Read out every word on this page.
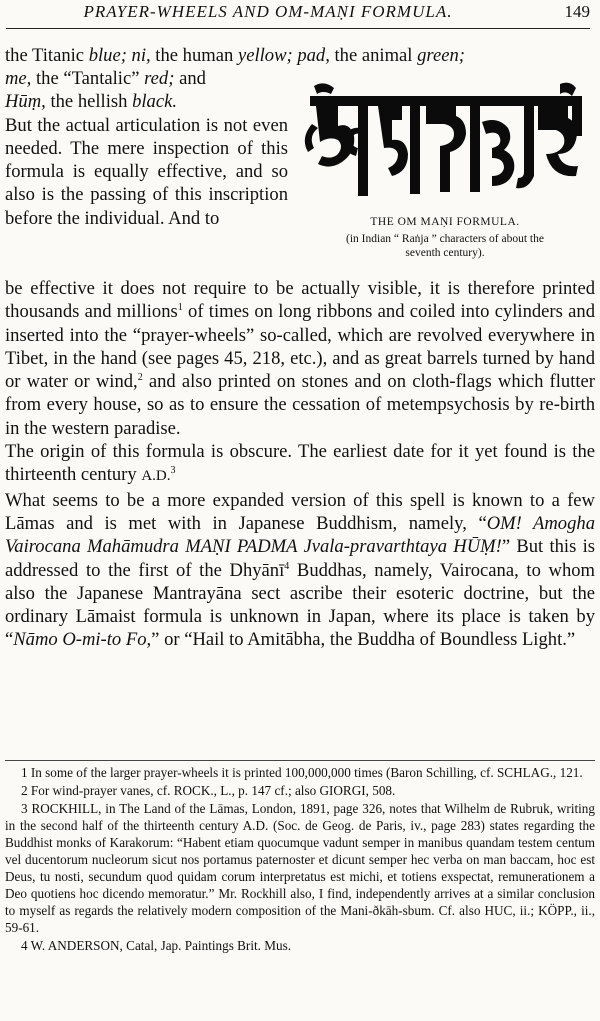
PRAYER-WHEELS AND OM-MAṆI FORMULA.	149
THE OM MAṆI FORMULA.
(in Indian “ Raṅja ” characters of about the
seventh century).
the Titanic blue; ni, the human yellow; pad, the animal green;

me, the “Tantalic” red; and
Hūṃ, the hellish black.

But the actual articulation is not even needed. The mere inspection of this formula is equally effective, and so also is the passing of this inscription before the individual. And to

be effective it does not require to be actually visible, it is therefore printed thousands and millions$^1$ of times on long ribbons and coiled into cylinders and inserted into the “prayer-wheels” so-called, which are revolved everywhere in Tibet, in the hand (see pages 45, 218, etc.), and as great barrels turned by hand or water or wind,$^2$ and also printed on stones and on cloth-flags which flutter from every house, so as to ensure the cessation of metempsychosis by re-birth in the western paradise.

The origin of this formula is obscure. The earliest date for it yet found is the thirteenth century A.D.$^3$

What seems to be a more expanded version of this spell is known to a few Lāmas and is met with in Japanese Buddhism, namely, “OM! Amogha Vairocana Mahāmudra MAṆI PADMA Jvala-pravarthtaya HŪṂ!” But this is addressed to the first of the Dhyānī$^4$ Buddhas, namely, Vairocana, to whom also the Japanese Mantrayāna sect ascribe their esoteric doctrine, but the ordinary Lāmaist formula is unknown in Japan, where its place is taken by “Nāmo O-mi-to Fo,” or “Hail to Amitābha, the Buddha of Boundless Light.”

1 In some of the larger prayer-wheels it is printed 100,000,000 times (Baron Schilling, cf. SCHLAG., 121.

2 For wind-prayer vanes, cf. ROCK., L., p. 147 cf.; also GIORGI, 508.

3 ROCKHILL, in The Land of the Lāmas, London, 1891, page 326, notes that Wilhelm de Rubruk, writing in the second half of the thirteenth century A.D. (Soc. de Geog. de Paris, iv., page 283) states regarding the Buddhist monks of Karakorum: “Habent etiam quocumque vadunt semper in manibus quandam testem centum vel ducentorum nucleorum sicut nos portamus paternoster et dicunt semper hec verba on man baccam, hoc est Deus, tu nosti, secundum quod quidam corum interpretatus est michi, et totiens exspectat, remunerationem a Deo quotiens hoc dicendo memoratur.” Mr. Rockhill also, I find, independently arrives at a similar conclusion to myself as regards the relatively modern composition of the Mani-ðkāh-sbum. Cf. also HUC, ii.; KÖPP., ii., 59-61.

4 W. ANDERSON, Catal, Jap. Paintings Brit. Mus.
